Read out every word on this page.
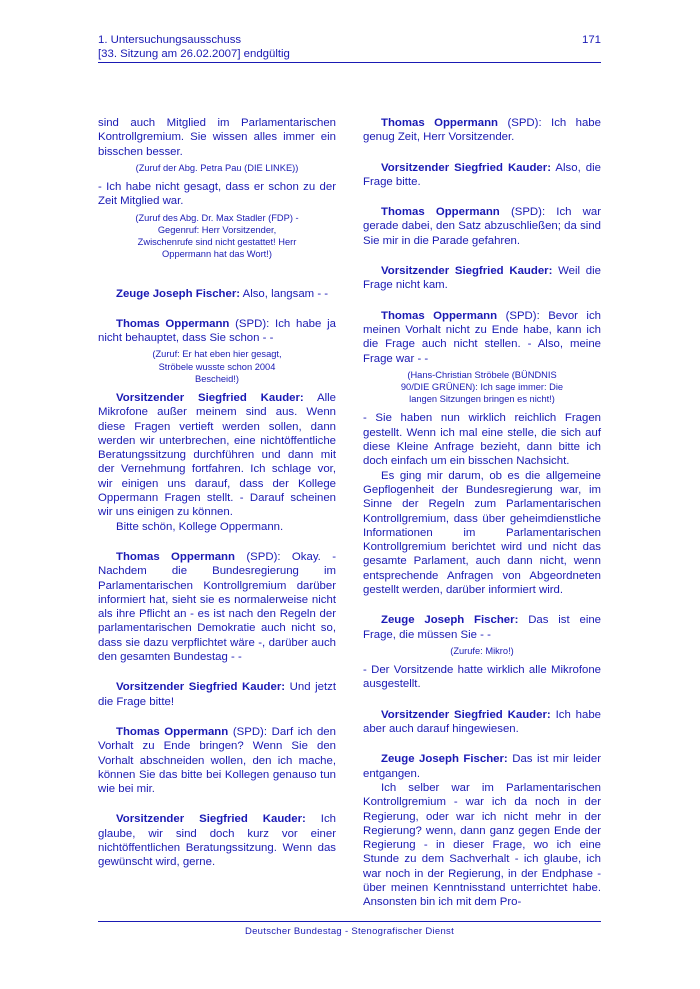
1. Untersuchungsausschuss
[33. Sitzung am 26.02.2007] endgültig
171
sind auch Mitglied im Parlamentarischen Kontrollgremium. Sie wissen alles immer ein bisschen besser.
(Zuruf der Abg. Petra Pau (DIE LINKE))
- Ich habe nicht gesagt, dass er schon zu der Zeit Mitglied war.
(Zuruf des Abg. Dr. Max Stadler (FDP) - Gegenruf: Herr Vorsitzender, Zwischenrufe sind nicht gestattet! Herr Oppermann hat das Wort!)
Zeuge Joseph Fischer: Also, langsam - -
Thomas Oppermann (SPD): Ich habe ja nicht behauptet, dass Sie schon - -
(Zuruf: Er hat eben hier gesagt, Ströbele wusste schon 2004 Bescheid!)
Vorsitzender Siegfried Kauder: Alle Mikrofone außer meinem sind aus. Wenn diese Fragen vertieft werden sollen, dann werden wir unterbrechen, eine nichtöffentliche Beratungssitzung durchführen und dann mit der Vernehmung fortfahren. Ich schlage vor, wir einigen uns darauf, dass der Kollege Oppermann Fragen stellt. - Darauf scheinen wir uns einigen zu können.
Bitte schön, Kollege Oppermann.
Thomas Oppermann (SPD): Okay. - Nachdem die Bundesregierung im Parlamentarischen Kontrollgremium darüber informiert hat, sieht sie es normalerweise nicht als ihre Pflicht an - es ist nach den Regeln der parlamentarischen Demokratie auch nicht so, dass sie dazu verpflichtet wäre -, darüber auch den gesamten Bundestag - -
Vorsitzender Siegfried Kauder: Und jetzt die Frage bitte!
Thomas Oppermann (SPD): Darf ich den Vorhalt zu Ende bringen? Wenn Sie den Vorhalt abschneiden wollen, den ich mache, können Sie das bitte bei Kollegen genauso tun wie bei mir.
Vorsitzender Siegfried Kauder: Ich glaube, wir sind doch kurz vor einer nichtöffentlichen Beratungssitzung. Wenn das gewünscht wird, gerne.
Thomas Oppermann (SPD): Ich habe genug Zeit, Herr Vorsitzender.
Vorsitzender Siegfried Kauder: Also, die Frage bitte.
Thomas Oppermann (SPD): Ich war gerade dabei, den Satz abzuschließen; da sind Sie mir in die Parade gefahren.
Vorsitzender Siegfried Kauder: Weil die Frage nicht kam.
Thomas Oppermann (SPD): Bevor ich meinen Vorhalt nicht zu Ende habe, kann ich die Frage auch nicht stellen. - Also, meine Frage war - -
(Hans-Christian Ströbele (BÜNDNIS 90/DIE GRÜNEN): Ich sage immer: Die langen Sitzungen bringen es nicht!)
- Sie haben nun wirklich reichlich Fragen gestellt. Wenn ich mal eine stelle, die sich auf diese Kleine Anfrage bezieht, dann bitte ich doch einfach um ein bisschen Nachsicht.
Es ging mir darum, ob es die allgemeine Gepflogenheit der Bundesregierung war, im Sinne der Regeln zum Parlamentarischen Kontrollgremium, dass über geheimdienstliche Informationen im Parlamentarischen Kontrollgremium berichtet wird und nicht das gesamte Parlament, auch dann nicht, wenn entsprechende Anfragen von Abgeordneten gestellt werden, darüber informiert wird.
Zeuge Joseph Fischer: Das ist eine Frage, die müssen Sie - -
(Zurufe: Mikro!)
- Der Vorsitzende hatte wirklich alle Mikrofone ausgestellt.
Vorsitzender Siegfried Kauder: Ich habe aber auch darauf hingewiesen.
Zeuge Joseph Fischer: Das ist mir leider entgangen.
Ich selber war im Parlamentarischen Kontrollgremium - war ich da noch in der Regierung, oder war ich nicht mehr in der Regierung? wenn, dann ganz gegen Ende der Regierung - in dieser Frage, wo ich eine Stunde zu dem Sachverhalt - ich glaube, ich war noch in der Regierung, in der Endphase - über meinen Kenntnisstand unterrichtet habe. Ansonsten bin ich mit dem Pro-
Deutscher Bundestag - Stenografischer Dienst
